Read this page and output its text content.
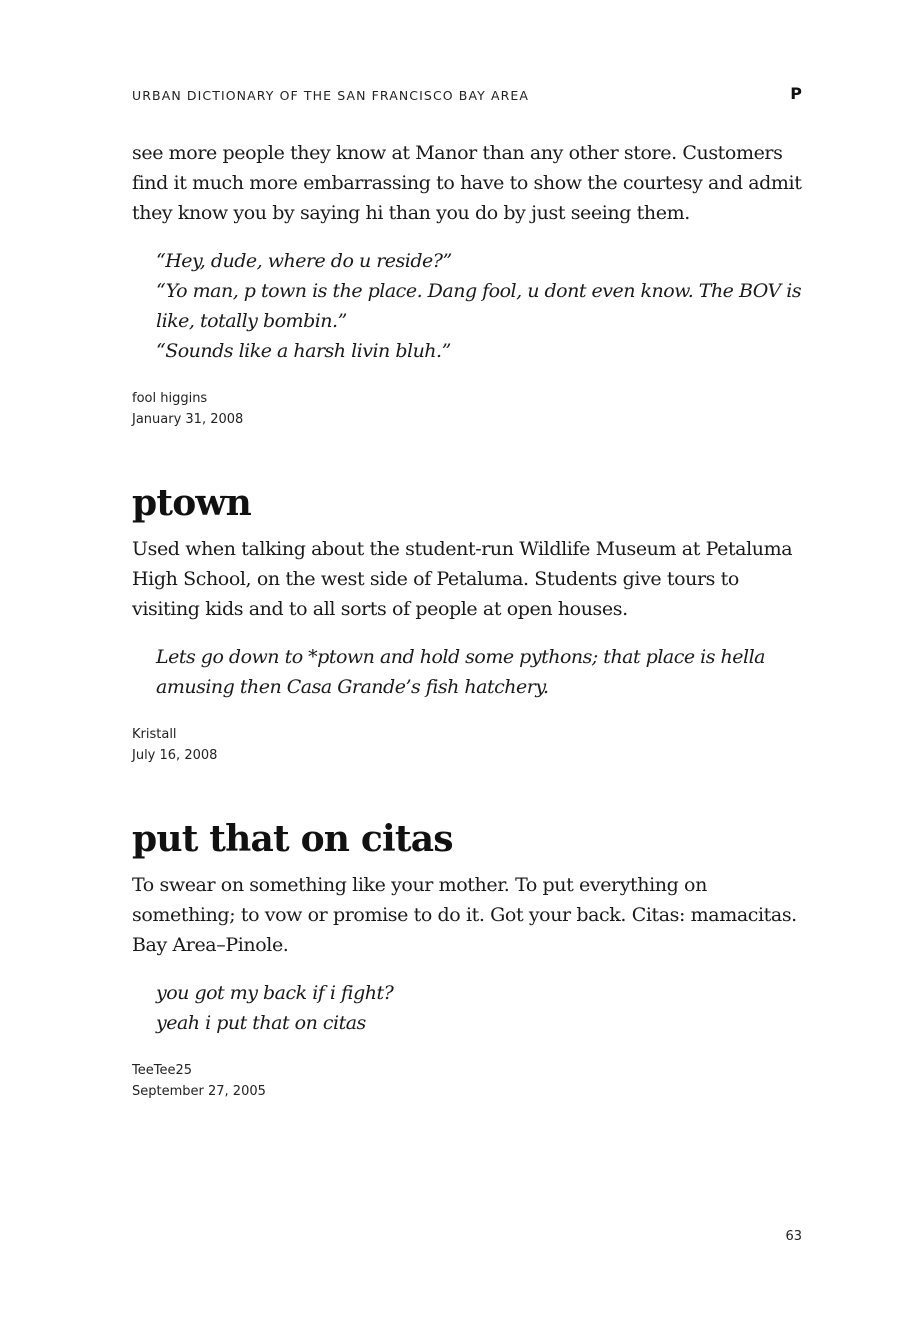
URBAN DICTIONARY OF THE SAN FRANCISCO BAY AREA	P

see more people they know at Manor than any other store. Customers find it much more embarrassing to have to show the courtesy and admit they know you by saying hi than you do by just seeing them.

“Hey, dude, where do u reside?”
“Yo man, p town is the place. Dang fool, u dont even know. The BOV is like, totally bombin.”
“Sounds like a harsh livin bluh.”
fool higgins
January 31, 2008
ptown

Used when talking about the student-run Wildlife Museum at Petaluma High School, on the west side of Petaluma. Students give tours to visiting kids and to all sorts of people at open houses.

Lets go down to *ptown and hold some pythons; that place is hella amusing then Casa Grande’s fish hatchery.
Kristall
July 16, 2008
put that on citas

To swear on something like your mother. To put everything on something; to vow or promise to do it. Got your back. Citas: mamacitas. Bay Area–Pinole.

you got my back if i fight?
yeah i put that on citas
TeeTee25
September 27, 2005
63
